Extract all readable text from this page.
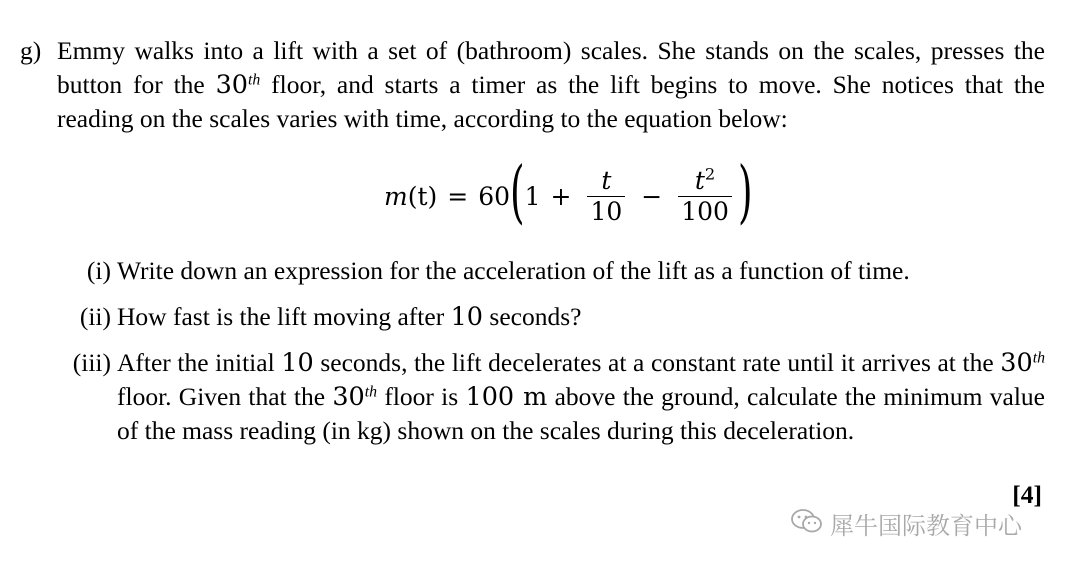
g) Emmy walks into a lift with a set of (bathroom) scales. She stands on the scales, presses the button for the 30th floor, and starts a timer as the lift begins to move. She notices that the reading on the scales varies with time, according to the equation below:
m (t) = 60 ( $1 + \frac{t}{10} - \frac{t^2}{100}$ )
(i) Write down an expression for the acceleration of the lift as a function of time.
(ii) How fast is the lift moving after 10 seconds?
(iii) After the initial 10 seconds, the lift decelerates at a constant rate until it arrives at the 30th floor. Given that the 30th floor is 100 m above the ground, calculate the minimum value of the mass reading (in kg) shown on the scales during this deceleration.
[4]
犀牛国际教育中心
